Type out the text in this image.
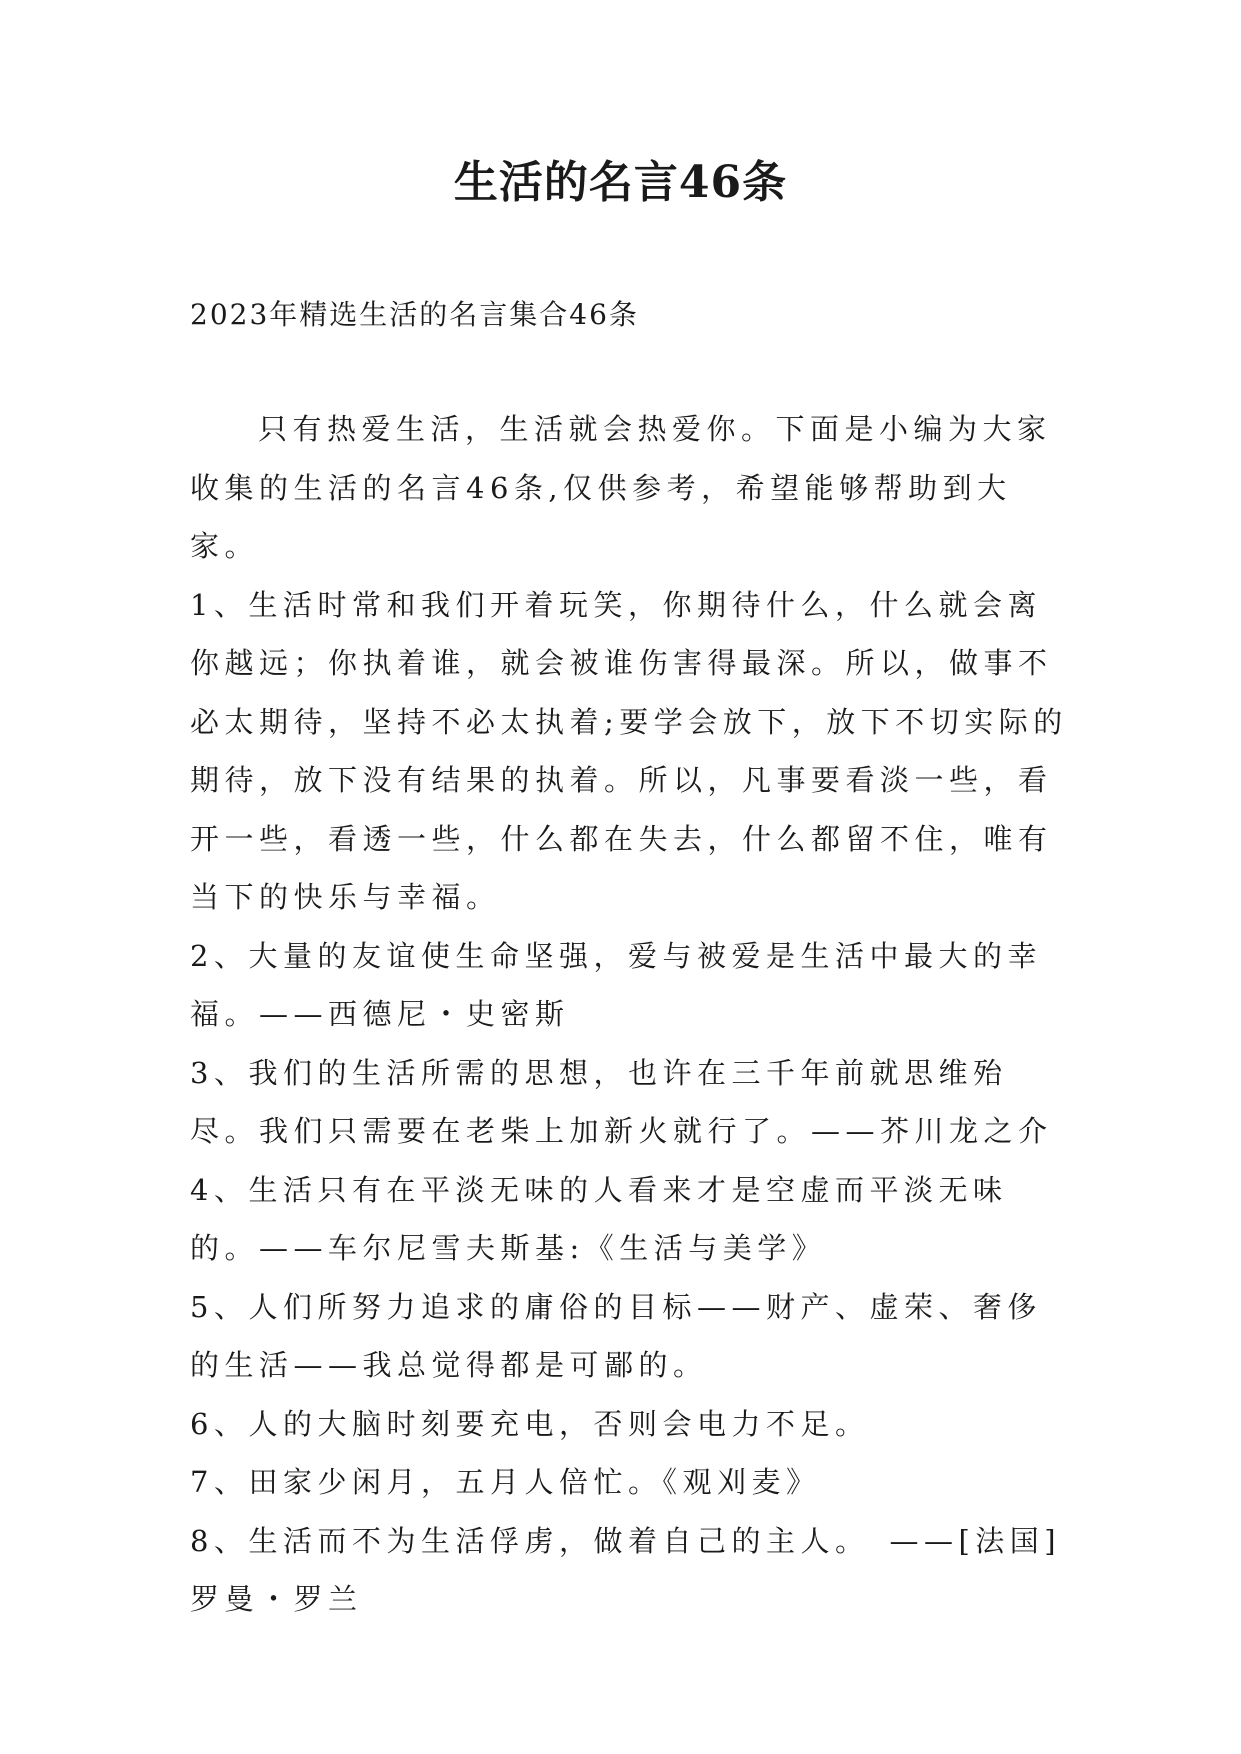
生活的名言46条

2023年精选生活的名言集合46条

只有热爱生活，生活就会热爱你。下面是小编为大家收集的生活的名言46条,仅供参考，希望能够帮助到大家。

1、生活时常和我们开着玩笑，你期待什么，什么就会离你越远；你执着谁，就会被谁伤害得最深。所以，做事不必太期待，坚持不必太执着;要学会放下，放下不切实际的期待，放下没有结果的执着。所以，凡事要看淡一些，看开一些，看透一些，什么都在失去，什么都留不住，唯有当下的快乐与幸福。

2、大量的友谊使生命坚强，爱与被爱是生活中最大的幸福。——西德尼・史密斯

3、我们的生活所需的思想，也许在三千年前就思维殆尽。我们只需要在老柴上加新火就行了。——芥川龙之介

4、生活只有在平淡无味的人看来才是空虚而平淡无味的。——车尔尼雪夫斯基:《生活与美学》

5、人们所努力追求的庸俗的目标——财产、虚荣、奢侈的生活——我总觉得都是可鄙的。

6、人的大脑时刻要充电，否则会电力不足。

7、田家少闲月，五月人倍忙。《观刈麦》

8、生活而不为生活俘虏，做着自己的主人。　——[法国]罗曼・罗兰
